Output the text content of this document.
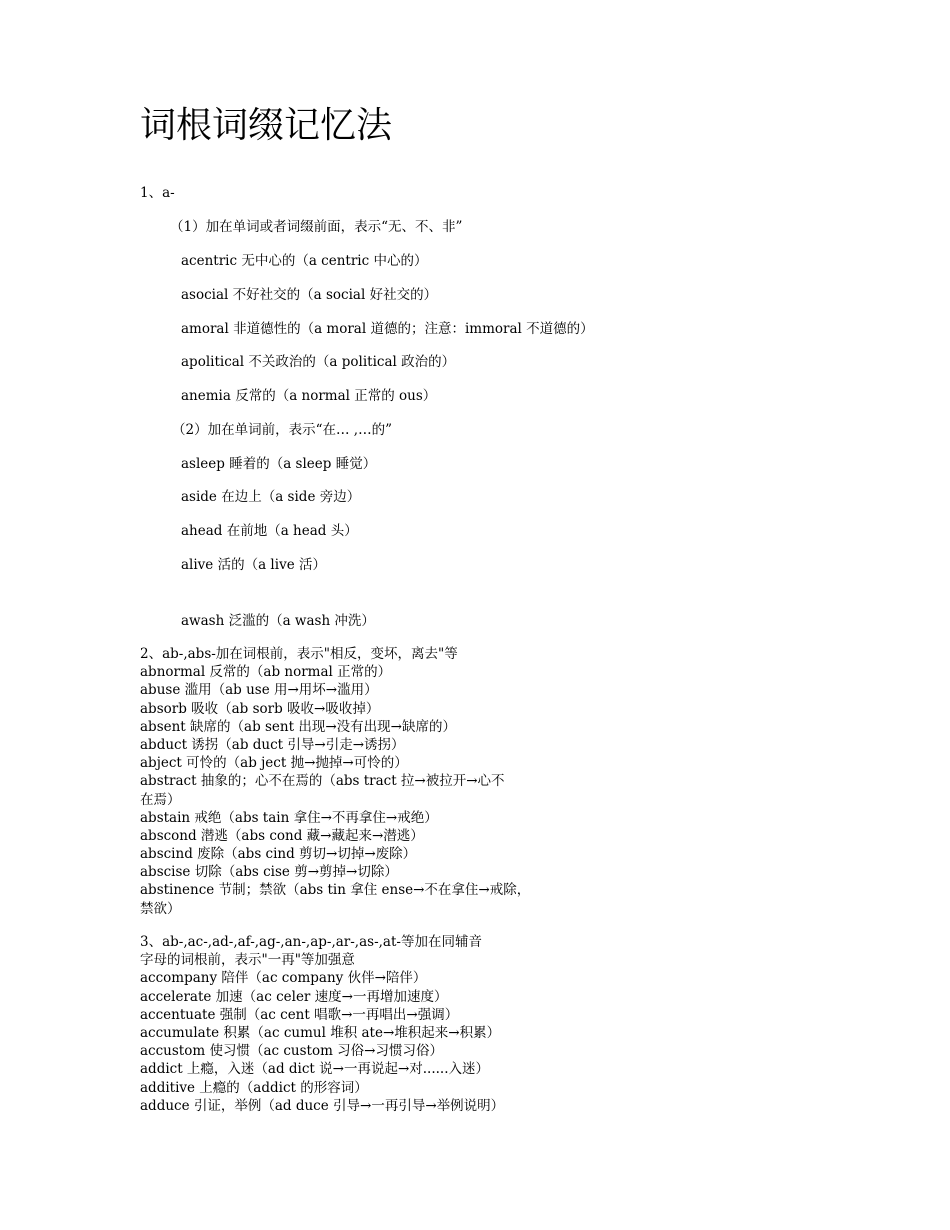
词根词缀记忆法
1、a-
（1）加在单词或者词缀前面，表示“无、不、非”
acentric 无中心的（a centric 中心的）
asocial 不好社交的（a social 好社交的）
amoral 非道德性的（a moral 道德的；注意：immoral 不道德的）
apolitical 不关政治的（a political 政治的）
anemia 反常的（a normal 正常的 ous）
（2）加在单词前，表示“在… ,…的”
asleep 睡着的（a sleep 睡觉）
aside 在边上（a side 旁边）
ahead 在前地（a head 头）
alive 活的（a live 活）
awash 泛滥的（a wash 冲洗）
2、ab-,abs-加在词根前，表示"相反，变坏，离去"等
abnormal 反常的（ab normal 正常的）
abuse 滥用（ab use 用→用坏→滥用）
absorb 吸收（ab sorb 吸收→吸收掉）
absent 缺席的（ab sent 出现→没有出现→缺席的）
abduct 诱拐（ab duct 引导→引走→诱拐）
abject 可怜的（ab ject 抛→抛掉→可怜的）
abstract 抽象的；心不在焉的（abs tract 拉→被拉开→心不
在焉）
abstain 戒绝（abs tain 拿住→不再拿住→戒绝）
abscond 潜逃（abs cond 藏→藏起来→潜逃）
abscind 废除（abs cind 剪切→切掉→废除）
abscise 切除（abs cise 剪→剪掉→切除）
abstinence 节制；禁欲（abs tin 拿住 ense→不在拿住→戒除，
禁欲）
3、ab-,ac-,ad-,af-,ag-,an-,ap-,ar-,as-,at-等加在同辅音
字母的词根前，表示"一再"等加强意
accompany 陪伴（ac company 伙伴→陪伴）
accelerate 加速（ac celer 速度→一再增加速度）
accentuate 强制（ac cent 唱歌→一再唱出→强调）
accumulate 积累（ac cumul 堆积 ate→堆积起来→积累）
accustom 使习惯（ac custom 习俗→习惯习俗）
addict 上瘾，入迷（ad dict 说→一再说起→对......入迷）
additive 上瘾的（addict 的形容词）
adduce 引证，举例（ad duce 引导→一再引导→举例说明）
